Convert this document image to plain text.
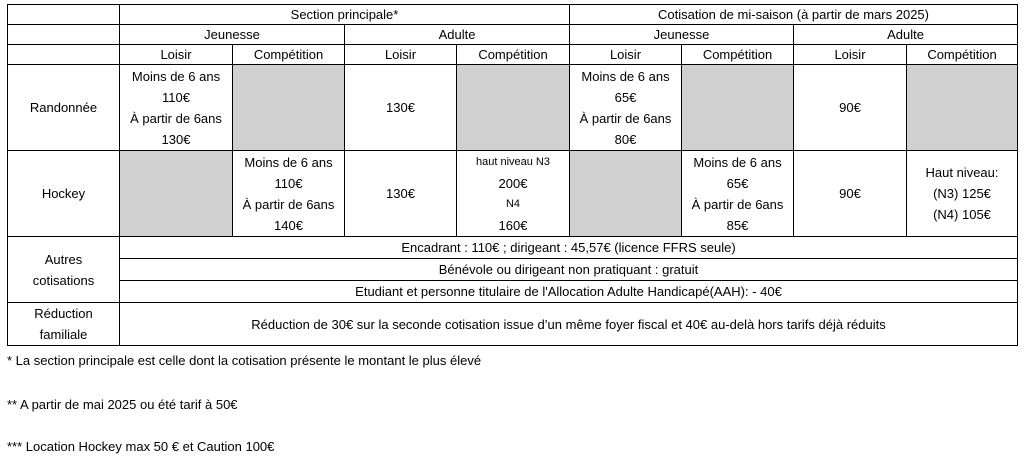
	Section principale*				Cotisation de mi-saison (à partir de mars 2025)			
	Jeunesse		Adulte		Jeunesse		Adulte	
	Loisir	Compétition	Loisir	Compétition	Loisir	Compétition	Loisir	Compétition
Randonnée	Moins de 6 ans
110€
À partir de 6ans
130€		130€		Moins de 6 ans
65€
À partir de 6ans
80€		90€	
Hockey		Moins de 6 ans
110€
À partir de 6ans
140€	130€	haut niveau N3
200€
N4
160€		Moins de 6 ans
65€
À partir de 6ans
85€	90€	Haut niveau:
(N3) 125€
(N4) 105€

Autres
cotisations	Encadrant : 110€ ; dirigeant : 45,57€ (licence FFRS seule)							
	Bénévole ou dirigeant non pratiquant : gratuit							
	Etudiant et personne titulaire de l'Allocation Adulte Handicapé(AAH): - 40€							

Réduction
familiale	Réduction de 30€ sur la seconde cotisation issue d’un même foyer fiscal et 40€ au-delà hors tarifs déjà réduits							
* La section principale est celle dont la cotisation présente le montant le plus élevé
** A partir de mai 2025 ou été tarif à 50€
*** Location Hockey max 50 € et Caution 100€
